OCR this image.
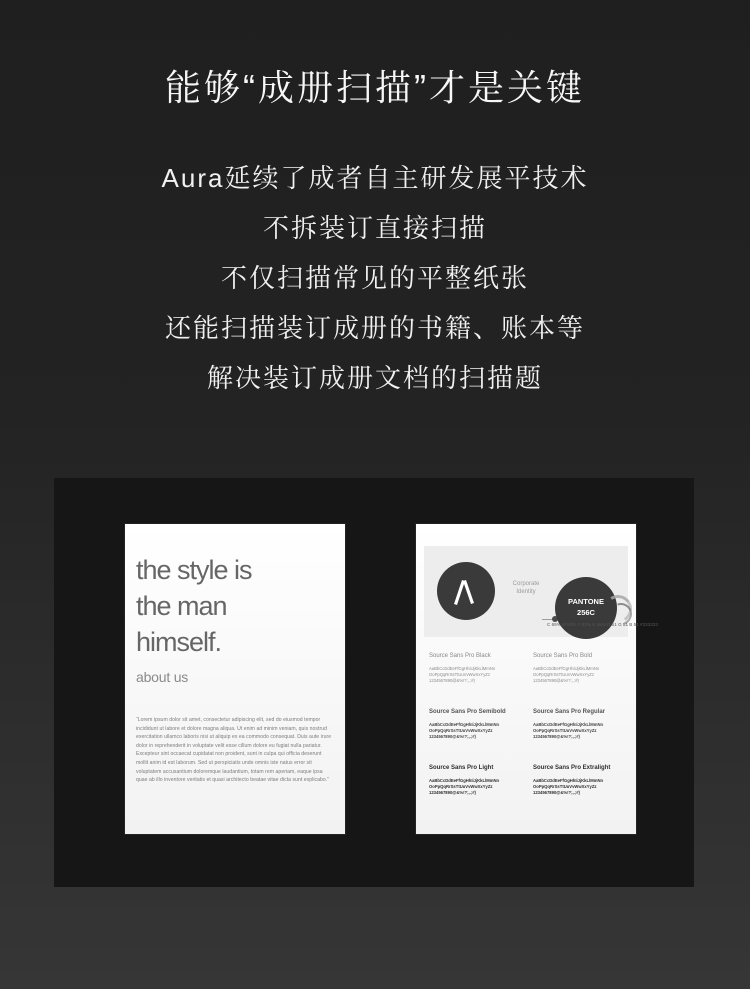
能够“成册扫描”才是关键
Aura延续了成者自主研发展平技术
不拆装订直接扫描
不仅扫描常见的平整纸张
还能扫描装订成册的书籍、账本等
解决装订成册文档的扫描题
the style is
the man
himself.
about us
“Lorem ipsum dolor sit amet, consectetur adipiscing elit, sed do eiusmod tempor incididunt ut labore et dolore magna aliqua. Ut enim ad minim veniam, quis nostrud exercitation ullamco laboris nisi ut aliquip ex ea commodo consequat. Duis aute irure dolor in reprehenderit in voluptate velit esse cillum dolore eu fugiat nulla pariatur. Excepteur sint occaecat cupidatat non proident, sunt in culpa qui officia deserunt mollit anim id est laborum. Sed ut perspiciatis unde omnis iste natus error sit voluptatem accusantium doloremque laudantium, totam rem aperiam, eaque ipsa quae ab illo inventore veritatis et quasi architecto beatae vitae dicta sunt explicabo.”
Corporate
Identity
PANTONE
256C
C 69% M 53% Y 62% K 58% R 51 G 51 B 51 #333333
Source Sans Pro Black
AaBbCcDdEeFfGgHhIiJjKkLlMmNn
OoPpQqRrSsTtUuVvWwXxYyZz
1234567890@&%!?;,.;#)
Source Sans Pro Bold
AaBbCcDdEeFfGgHhIiJjKkLlMmNn
OoPpQqRrSsTtUuVvWwXxYyZz
1234567890@&%!?;,.;#)
Source Sans Pro Semibold
AaBbCcDdEeFfGgHhIiJjKkLlMmNn
OoPpQqRrSsTtUuVvWwXxYyZz
1234567890@&%!?;,.;#)
Source Sans Pro Regular
AaBbCcDdEeFfGgHhIiJjKkLlMmNn
OoPpQqRrSsTtUuVvWwXxYyZz
1234567890@&%!?;,.;#)
Source Sans Pro Light
AaBbCcDdEeFfGgHhIiJjKkLlMmNn
OoPpQqRrSsTtUuVvWwXxYyZz
1234567890@&%!?;,.;#)
Source Sans Pro Extralight
AaBbCcDdEeFfGgHhIiJjKkLlMmNn
OoPpQqRrSsTtUuVvWwXxYyZz
1234567890@&%!?;,.;#)
